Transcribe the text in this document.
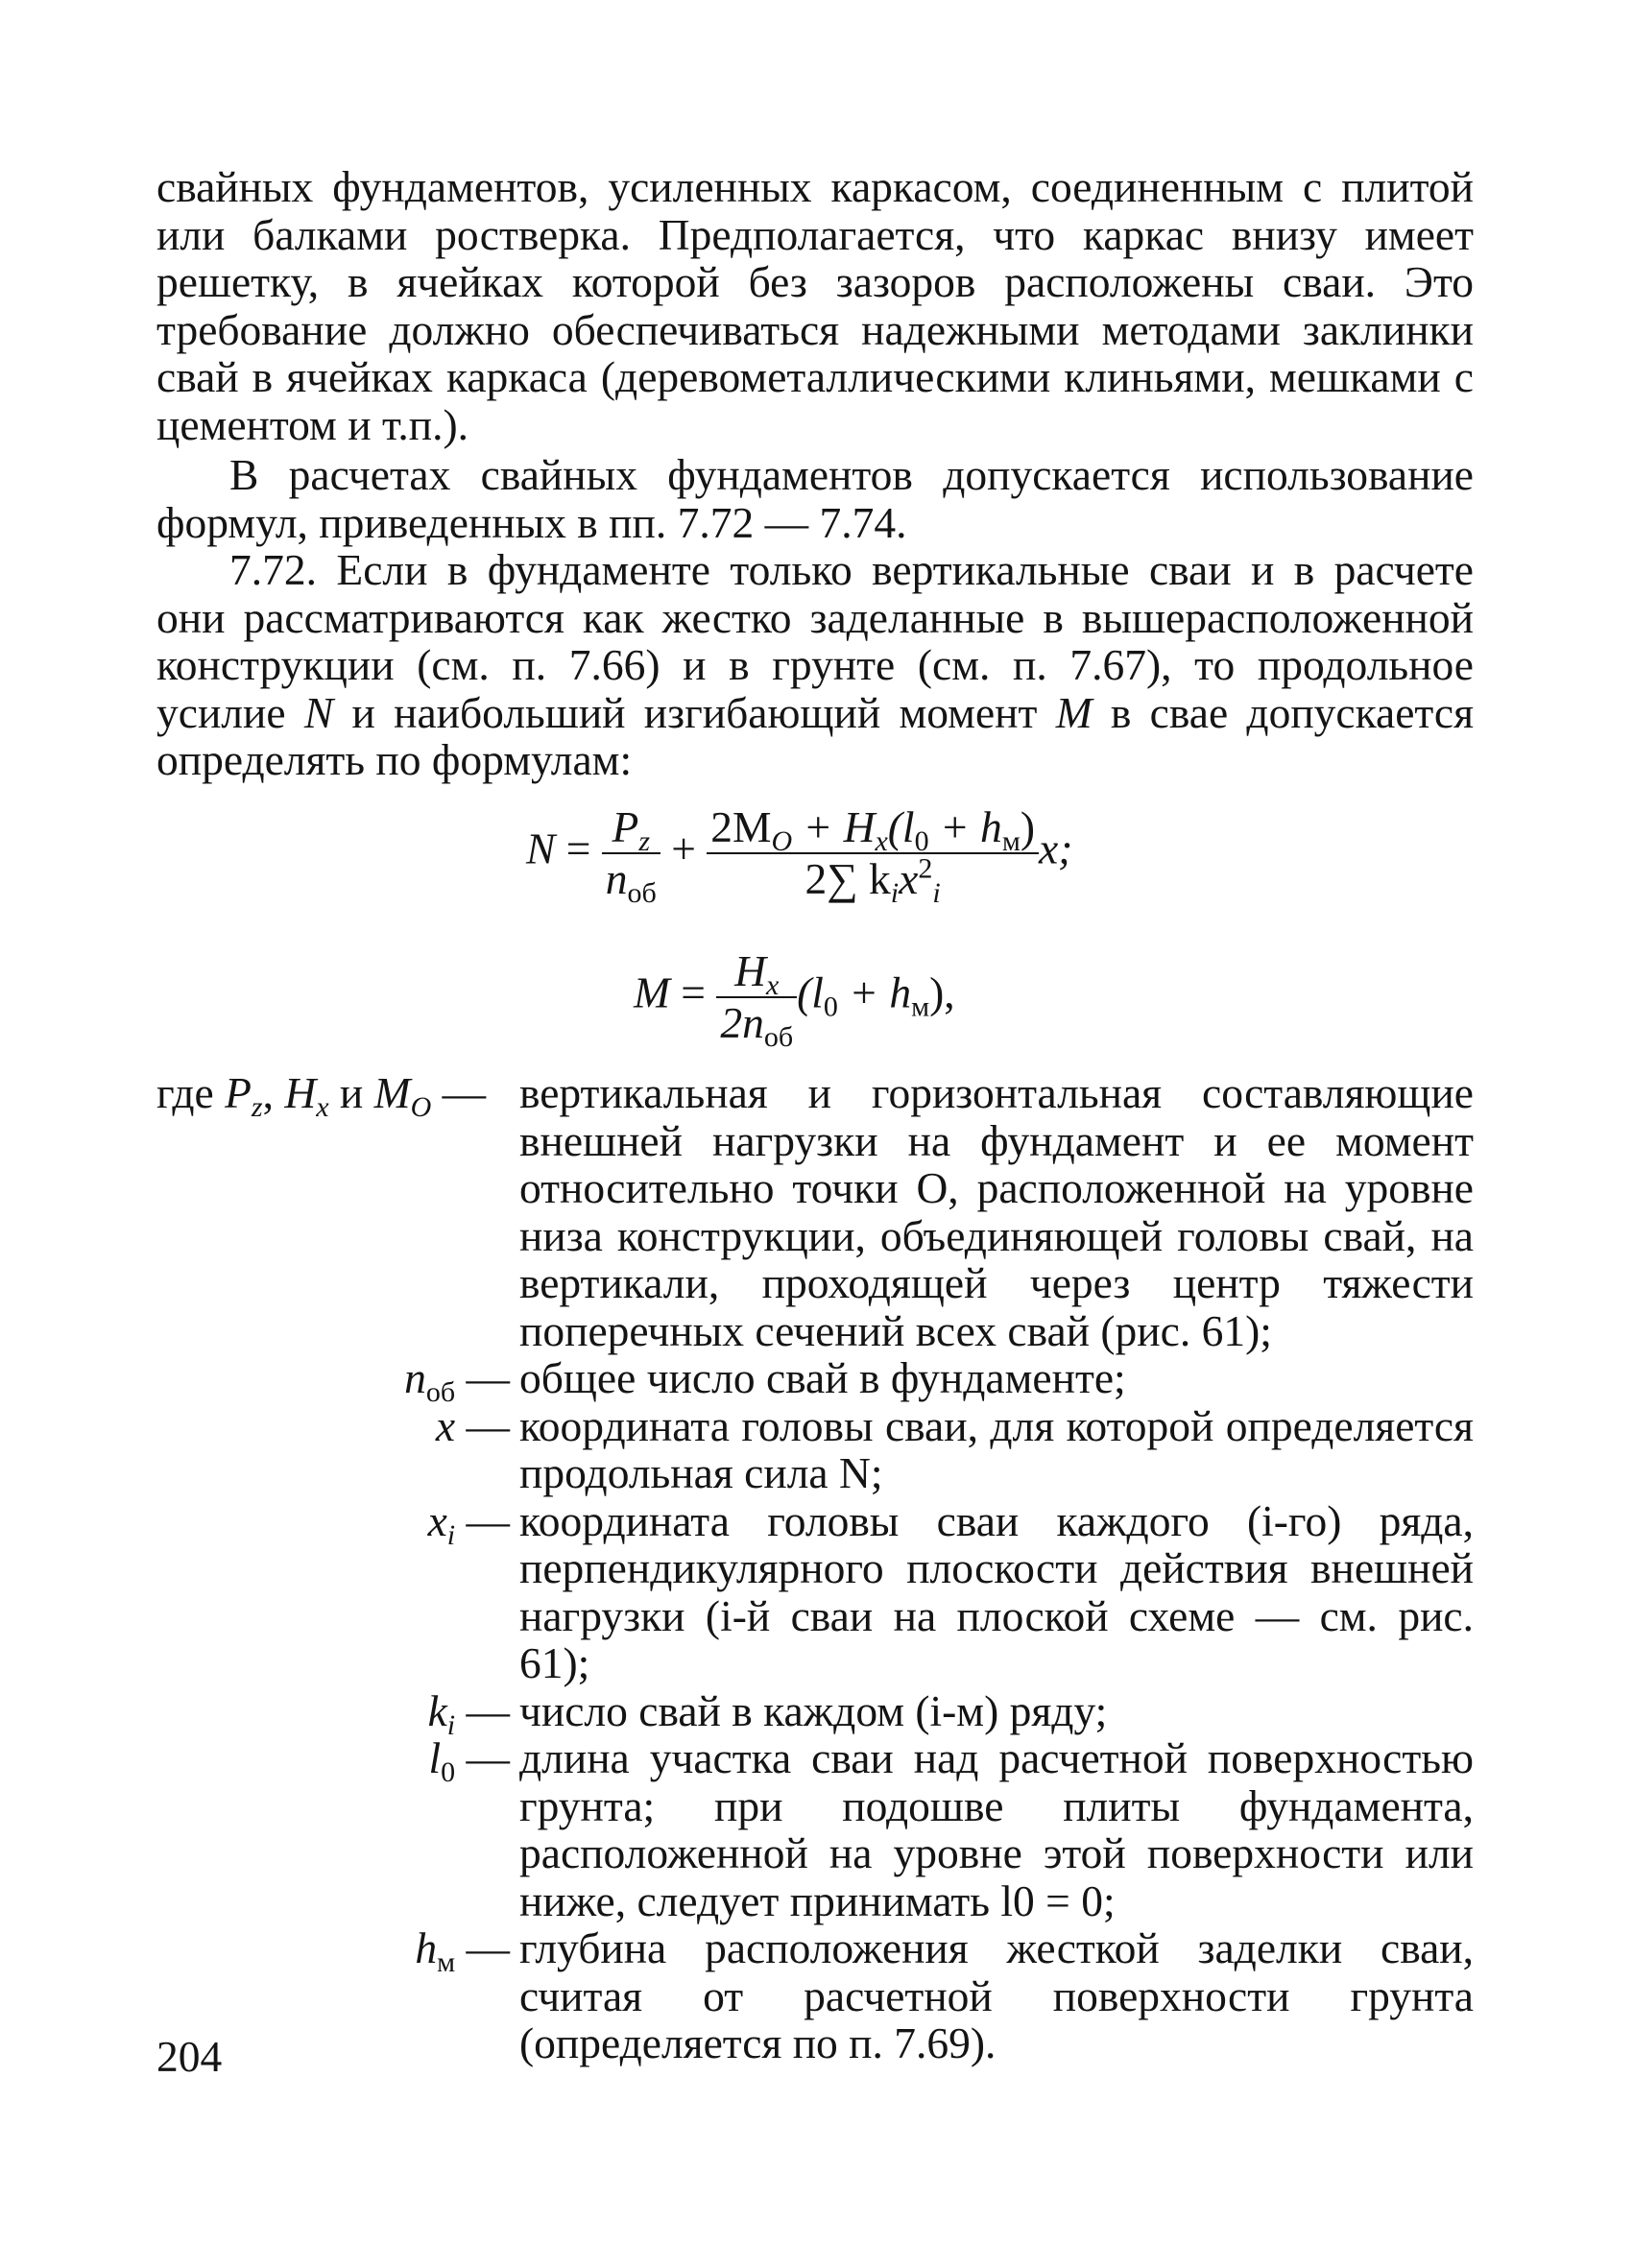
свайных фундаментов, усиленных каркасом, соединенным с плитой или балками ростверка. Предполагается, что каркас внизу имеет решетку, в ячейках которой без зазоров расположены сваи. Это требование должно обеспечиваться надежными методами заклинки свай в ячейках каркаса (деревометаллическими клиньями, мешками с цементом и т.п.).

В расчетах свайных фундаментов допускается использование формул, приведенных в пп. 7.72 — 7.74.

7.72. Если в фундаменте только вертикальные сваи и в расчете они рассматриваются как жестко заделанные в вышерасположенной конструкции (см. п. 7.66) и в грунте (см. п. 7.67), то продольное усилие N и наибольший изгибающий момент M в свае допускается определять по формулам:

$N = \frac{P_z}{n_{об}} + \frac{2M_O + H_x(l_0 + h_м)}{2\sum k_ix^2_i} x$;
$M = \frac{H_x}{2n_{об}} (l_0 + h_м)$,
где $P_z$, $H_x$ и $M_O$ — вертикальная и горизонтальная составляющие внешней нагрузки на фундамент и ее момент относительно точки O, расположенной на уровне низа конструкции, объединяющей головы свай, на вертикали, проходящей через центр тяжести поперечных сечений всех свай (рис. 61);
$n_{об}$ — общее число свай в фундаменте;
x — координата головы сваи, для которой определяется продольная сила N;
$x_i$ — координата головы сваи каждого (i-го) ряда, перпендикулярного плоскости действия внешней нагрузки (i-й сваи на плоской схеме — см. рис. 61);
$k_i$ — число свай в каждом (i-м) ряду;
$l_0$ — длина участка сваи над расчетной поверхностью грунта; при подошве плиты фундамента, расположенной на уровне этой поверхности или ниже, следует принимать l0 = 0;
$h_м$ — глубина расположения жесткой заделки сваи, считая от расчетной поверхности грунта (определяется по п. 7.69).
204
